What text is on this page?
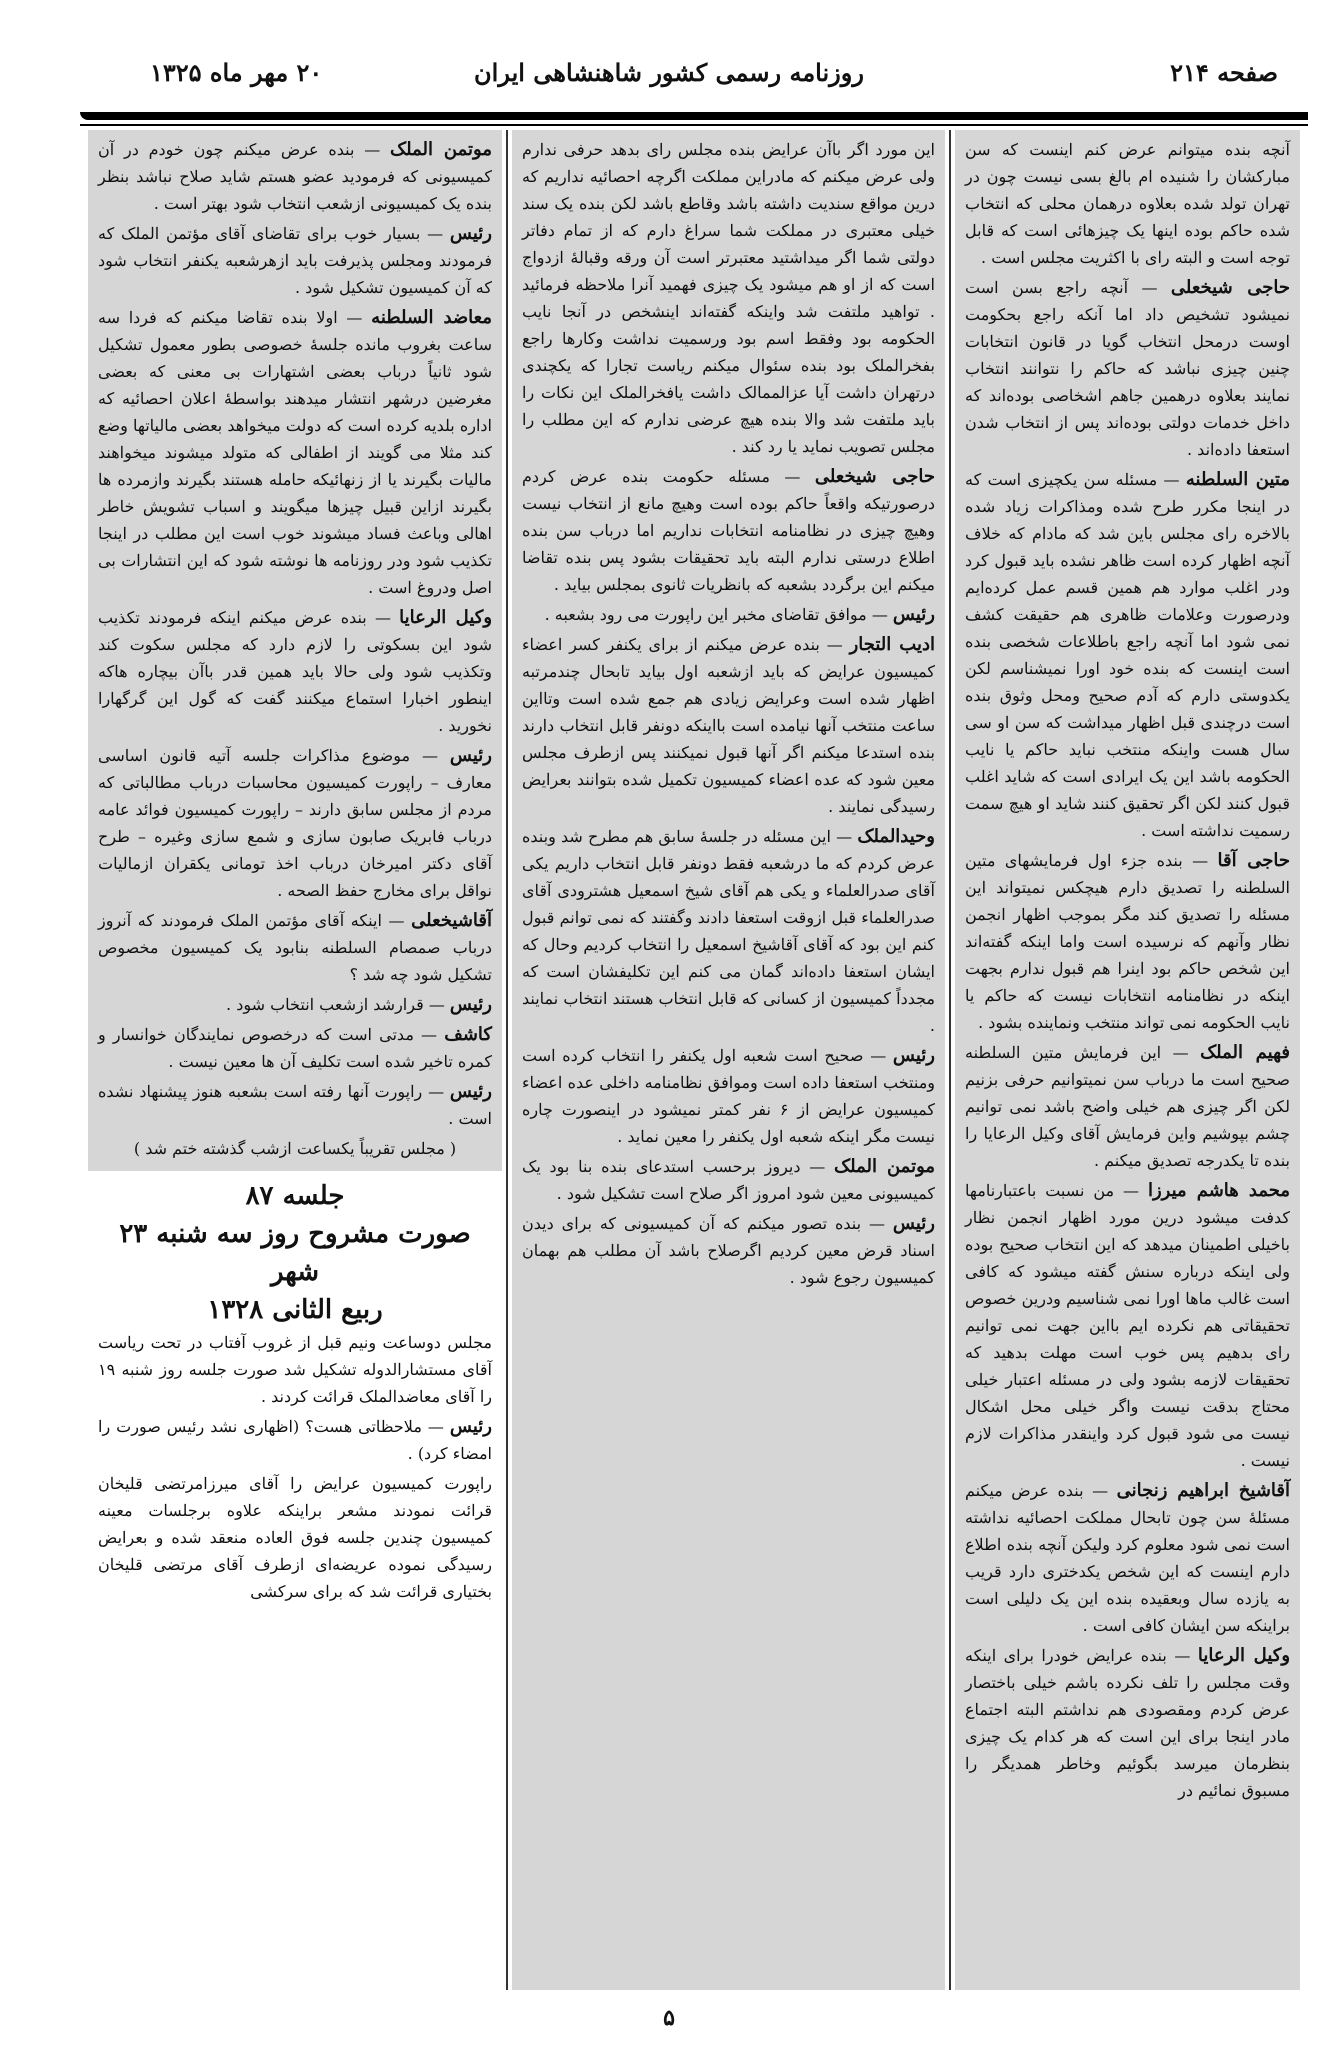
صفحه ۲۱۴
روزنامه رسمی کشور شاهنشاهی ایران
۲۰ مهر ماه ۱۳۲۵

آنچه بنده میتوانم عرض کنم اینست که سن مبارکشان را شنیده ام بالغ بسی نیست چون در تهران تولد شده بعلاوه درهمان محلی که انتخاب شده حاکم بوده اینها یک چیزهائی است که قابل توجه است و البته رای با اکثریت مجلس است .

حاجی شیخعلی — آنچه راجع بسن است نمیشود تشخیص داد اما آنکه راجع بحکومت اوست درمحل انتخاب گویا در قانون انتخابات چنین چیزی نباشد که حاکم را نتوانند انتخاب نمایند بعلاوه درهمین جاهم اشخاصی بوده‌اند که داخل خدمات دولتی بوده‌اند پس از انتخاب شدن استعفا داده‌اند .

متین السلطنه — مسئله سن یکچیزی است که در اینجا مکرر طرح شده ومذاکرات زیاد شده بالاخره رای مجلس باین شد که مادام که خلاف آنچه اظهار کرده است ظاهر نشده باید قبول کرد ودر اغلب موارد هم همین قسم عمل کرده‌ایم ودرصورت وعلامات ظاهری هم حقیقت کشف نمی شود اما آنچه راجع باطلاعات شخصی بنده است اینست که بنده خود اورا نمیشناسم لکن یکدوستی دارم که آدم صحیح ومحل وثوق بنده است درچندی قبل اظهار میداشت که سن او سی سال هست واینکه منتخب نباید حاکم یا نایب الحکومه باشد این یک ایرادی است که شاید اغلب قبول کنند لکن اگر تحقیق کنند شاید او هیچ سمت رسمیت نداشته است .

حاجی آقا — بنده جزء اول فرمایشهای متین السلطنه را تصدیق دارم هیچکس نمیتواند این مسئله را تصدیق کند مگر بموجب اظهار انجمن نظار وآنهم که نرسیده است واما اینکه گفته‌اند این شخص حاکم بود اینرا هم قبول ندارم بجهت اینکه در نظامنامه انتخابات نیست که حاکم یا نایب الحکومه نمی تواند منتخب ونماینده بشود .

فهیم الملک — این فرمایش متین السلطنه صحیح است ما درباب سن نمیتوانیم حرفی بزنیم لکن اگر چیزی هم خیلی واضح باشد نمی توانیم چشم بپوشیم واین فرمایش آقای وکیل الرعایا را بنده تا یکدرجه تصدیق میکنم .

محمد هاشم میرزا — من نسبت باعتبارنامها کدفت میشود درین مورد اظهار انجمن نظار باخیلی اطمینان میدهد که این انتخاب صحیح بوده ولی اینکه درباره سنش گفته میشود که کافی است غالب ماها اورا نمی شناسیم ودرین خصوص تحقیقاتی هم نکرده ایم بااین جهت نمی توانیم رای بدهیم پس خوب است مهلت بدهید که تحقیقات لازمه بشود ولی در مسئله اعتبار خیلی محتاج بدقت نیست واگر خیلی محل اشکال نیست می شود قبول کرد واینقدر مذاکرات لازم نیست .

آقاشیخ ابراهیم زنجانی — بنده عرض میکنم مسئلهٔ سن چون تابحال مملکت احصائیه نداشته است نمی شود معلوم کرد ولیکن آنچه بنده اطلاع دارم اینست که این شخص یکدختری دارد قریب به یازده سال وبعقیده بنده این یک دلیلی است براینکه سن ایشان کافی است .

وکیل الرعایا — بنده عرایض خودرا برای اینکه وقت مجلس را تلف نکرده باشم خیلی باختصار عرض کردم ومقصودی هم نداشتم البته اجتماع مادر اینجا برای این است که هر کدام یک چیزی بنظرمان میرسد بگوئیم وخاطر همدیگر را مسبوق نمائیم در

این مورد اگر باآن عرایض بنده مجلس رای بدهد حرفی ندارم ولی عرض میکنم که مادراین مملکت اگرچه احصائیه نداریم که درین مواقع سندیت داشته باشد وقاطع باشد لکن بنده یک سند خیلی معتبری در مملکت شما سراغ دارم که از تمام دفاتر دولتی شما اگر میداشتید معتبرتر است آن ورقه وقبالهٔ ازدواج است که از او هم میشود یک چیزی فهمید آنرا ملاحظه فرمائید . تواهید ملتفت شد واینکه گفته‌اند اینشخص در آنجا نایب الحکومه بود وفقط اسم بود ورسمیت نداشت وکارها راجع بفخرالملک بود بنده سئوال میکنم ریاست تجارا که یکچندی درتهران داشت آیا عزالممالک داشت یافخرالملک این نکات را باید ملتفت شد والا بنده هیچ عرضی ندارم که این مطلب را مجلس تصویب نماید یا رد کند .

حاجی شیخعلی — مسئله حکومت بنده عرض کردم درصورتیکه واقعاً حاکم بوده است وهیچ مانع از انتخاب نیست وهیچ چیزی در نظامنامه انتخابات نداریم اما درباب سن بنده اطلاع درستی ندارم البته باید تحقیقات بشود پس بنده تقاضا میکنم این برگردد بشعبه که بانظریات ثانوی بمجلس بیاید .

رئیس — موافق تقاضای مخبر این راپورت می رود بشعبه .

ادیب التجار — بنده عرض میکنم از برای یکنفر کسر اعضاء کمیسیون عرایض که باید ازشعبه اول بیاید تابحال چندمرتبه اظهار شده است وعرایض زیادی هم جمع شده است وتااین ساعت منتخب آنها نیامده است بااینکه دونفر قابل انتخاب دارند بنده استدعا میکنم اگر آنها قبول نمیکنند پس ازطرف مجلس معین شود که عده اعضاء کمیسیون تکمیل شده بتوانند بعرایض رسیدگی نمایند .

وحیدالملک — این مسئله در جلسهٔ سابق هم مطرح شد وبنده عرض کردم که ما درشعبه فقط دونفر قابل انتخاب داریم یکی آقای صدرالعلماء و یکی هم آقای شیخ اسمعیل هشترودی آقای صدرالعلماء قبل ازوقت استعفا دادند وگفتند که نمی توانم قبول کنم این بود که آقای آقاشیخ اسمعیل را انتخاب کردیم وحال که ایشان استعفا داده‌اند گمان می کنم این تکلیفشان است که مجدداً کمیسیون از کسانی که قابل انتخاب هستند انتخاب نمایند .

رئیس — صحیح است شعبه اول یکنفر را انتخاب کرده است ومنتخب استعفا داده است وموافق نظامنامه داخلی عده اعضاء کمیسیون عرایض از ۶ نفر کمتر نمیشود در اینصورت چاره نیست مگر اینکه شعبه اول یکنفر را معین نماید .

موتمن الملک — دیروز برحسب استدعای بنده بنا بود یک کمیسیونی معین شود امروز اگر صلاح است تشکیل شود .

رئیس — بنده تصور میکنم که آن کمیسیونی که برای دیدن اسناد قرض معین کردیم اگرصلاح باشد آن مطلب هم بهمان کمیسیون رجوع شود .

موتمن الملک — بنده عرض میکنم چون خودم در آن کمیسیونی که فرمودید عضو هستم شاید صلاح نباشد بنظر بنده یک کمیسیونی ازشعب انتخاب شود بهتر است .

رئیس — بسیار خوب برای تقاضای آقای مؤتمن الملک که فرمودند ومجلس پذیرفت باید ازهرشعبه یکنفر انتخاب شود که آن کمیسیون تشکیل شود .

معاضد السلطنه — اولا بنده تقاضا میکنم که فردا سه ساعت بغروب مانده جلسهٔ خصوصی بطور معمول تشکیل شود ثانیاً درباب بعضی اشتهارات بی معنی که بعضی مغرضین درشهر انتشار میدهند بواسطهٔ اعلان احصائیه که اداره بلدیه کرده است که دولت میخواهد بعضی مالیاتها وضع کند مثلا می گویند از اطفالی که متولد میشوند میخواهند مالیات بگیرند یا از زنهائیکه حامله هستند بگیرند وازمرده ها بگیرند ازاین قبیل چیزها میگویند و اسباب تشویش خاطر اهالی وباعث فساد میشوند خوب است این مطلب در اینجا تکذیب شود ودر روزنامه ها نوشته شود که این انتشارات بی اصل ودروغ است .

وکیل الرعایا — بنده عرض میکنم اینکه فرمودند تکذیب شود این بسکوتی را لازم دارد که مجلس سکوت کند وتکذیب شود ولی حالا باید همین قدر باآن بیچاره هاکه اینطور اخبارا استماع میکنند گفت که گول این گرگهارا نخورید .

رئیس — موضوع مذاکرات جلسه آتیه قانون اساسی معارف – راپورت کمیسیون محاسبات درباب مطالباتی که مردم از مجلس سابق دارند – راپورت کمیسیون فوائد عامه درباب فابریک صابون سازی و شمع سازی وغیره – طرح آقای دکتر امیرخان درباب اخذ تومانی یکقران ازمالیات نواقل برای مخارج حفظ الصحه .

آقاشیخعلی — اینکه آقای مؤتمن الملک فرمودند که آنروز درباب صمصام السلطنه بنابود یک کمیسیون مخصوص تشکیل شود چه شد ؟

رئیس — قرارشد ازشعب انتخاب شود .

کاشف — مدتی است که درخصوص نمایندگان خوانسار و کمره تاخیر شده است تکلیف آن ها معین نیست .

رئیس — راپورت آنها رفته است بشعبه هنوز پیشنهاد نشده است .

( مجلس تقریباً یکساعت ازشب گذشته ختم شد )

جلسه ۸۷
صورت مشروح روز سه شنبه ۲۳ شهر
ربیع الثانی ۱۳۲۸

مجلس دوساعت ونیم قبل از غروب آفتاب در تحت ریاست آقای مستشارالدوله تشکیل شد صورت جلسه روز شنبه ۱۹ را آقای معاضدالملک قرائت کردند .

رئیس — ملاحظاتی هست؟ (اظهاری نشد رئیس صورت را امضاء کرد) .

راپورت کمیسیون عرایض را آقای میرزامرتضی قلیخان قرائت نمودند مشعر براینکه علاوه برجلسات معینه کمیسیون چندین جلسه فوق العاده منعقد شده و بعرایض رسیدگی نموده عریضه‌ای ازطرف آقای مرتضی قلیخان بختیاری قرائت شد که برای سرکشی

۵
